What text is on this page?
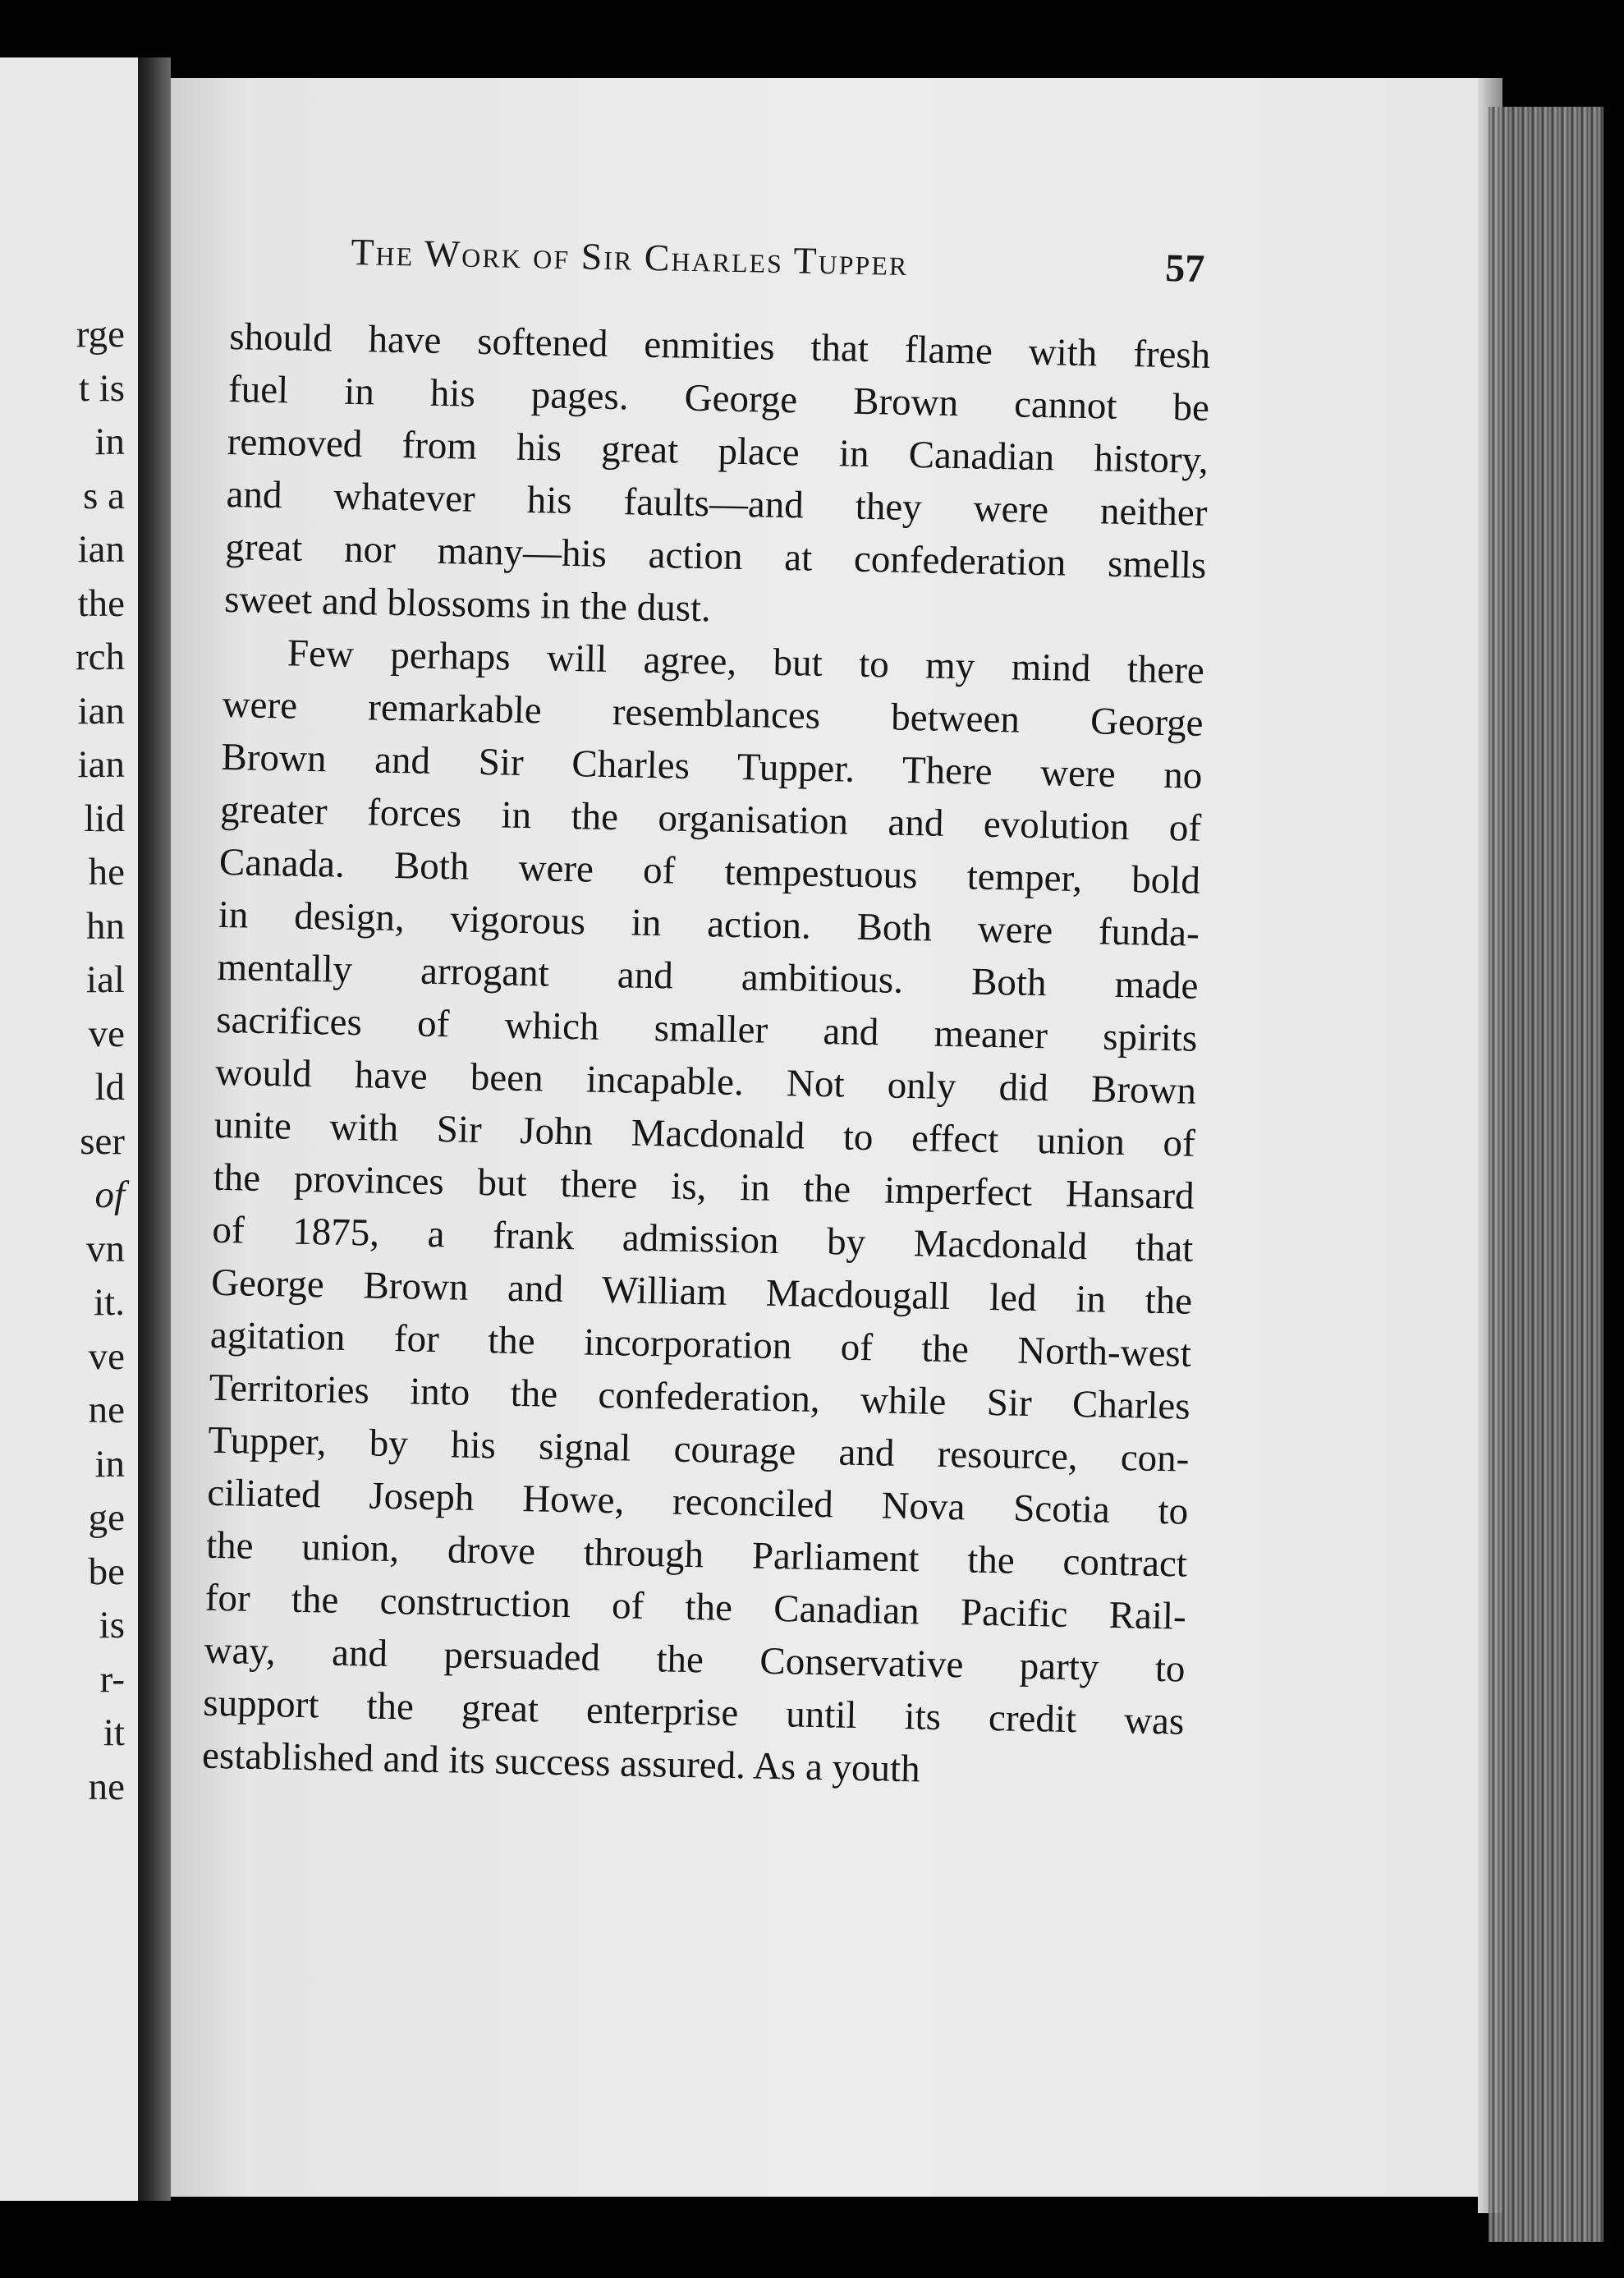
rge
t is
in
s a
ian
the
rch
ian
ian
lid
he
hn
ial
ve
ld
ser
of
vn
it.
ve
ne
in
ge
be
is
r-
it
ne
The Work of Sir Charles Tupper	57
should have softened enmities that flame with fresh
fuel in his pages. George Brown cannot be
removed from his great place in Canadian history,
and whatever his faults—and they were neither
great nor many—his action at confederation smells
sweet and blossoms in the dust.
Few perhaps will agree, but to my mind there
were remarkable resemblances between George
Brown and Sir Charles Tupper. There were no
greater forces in the organisation and evolution of
Canada. Both were of tempestuous temper, bold
in design, vigorous in action. Both were funda-
mentally arrogant and ambitious. Both made
sacrifices of which smaller and meaner spirits
would have been incapable. Not only did Brown
unite with Sir John Macdonald to effect union of
the provinces but there is, in the imperfect Hansard
of 1875, a frank admission by Macdonald that
George Brown and William Macdougall led in the
agitation for the incorporation of the North-west
Territories into the confederation, while Sir Charles
Tupper, by his signal courage and resource, con-
ciliated Joseph Howe, reconciled Nova Scotia to
the union, drove through Parliament the contract
for the construction of the Canadian Pacific Rail-
way, and persuaded the Conservative party to
support the great enterprise until its credit was
established and its success assured. As a youth
